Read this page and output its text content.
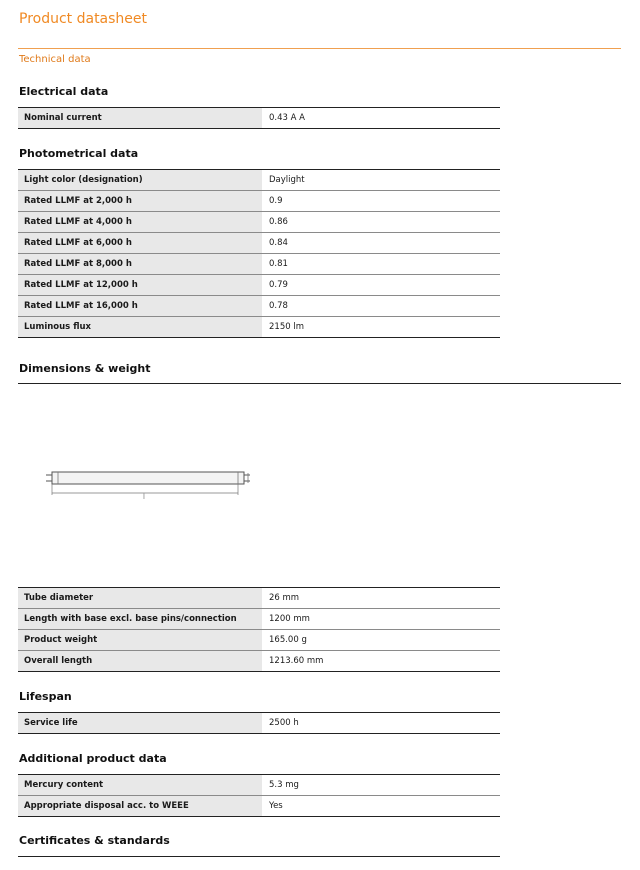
Product datasheet
Technical data
Electrical data
Nominal current	0.43 A A
Photometrical data
Light color (designation)	Daylight
Rated LLMF at 2,000 h	0.9
Rated LLMF at 4,000 h	0.86
Rated LLMF at 6,000 h	0.84
Rated LLMF at 8,000 h	0.81
Rated LLMF at 12,000 h	0.79
Rated LLMF at 16,000 h	0.78
Luminous flux	2150 lm
Dimensions & weight
l
Tube diameter	26 mm
Length with base excl. base pins/connection	1200 mm
Product weight	165.00 g
Overall length	1213.60 mm
Lifespan
Service life	2500 h
Additional product data
Mercury content	5.3 mg
Appropriate disposal acc. to WEEE	Yes
Certificates & standards
